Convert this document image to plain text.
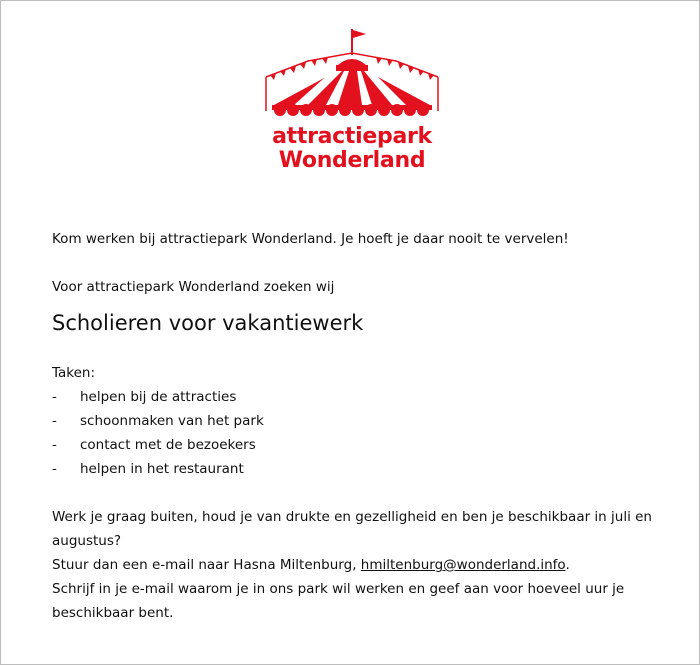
attractiepark
Wonderland

Kom werken bij attractiepark Wonderland. Je hoeft je daar nooit te vervelen!

Voor attractiepark Wonderland zoeken wij

Scholieren voor vakantiewerk

Taken:

-	helpen bij de attracties
-	schoonmaken van het park
-	contact met de bezoekers
-	helpen in het restaurant

Werk je graag buiten, houd je van drukte en gezelligheid en ben je beschikbaar in juli en augustus?

Stuur dan een e-mail naar Hasna Miltenburg, hmiltenburg@wonderland.info.

Schrijf in je e-mail waarom je in ons park wil werken en geef aan voor hoeveel uur je beschikbaar bent.
